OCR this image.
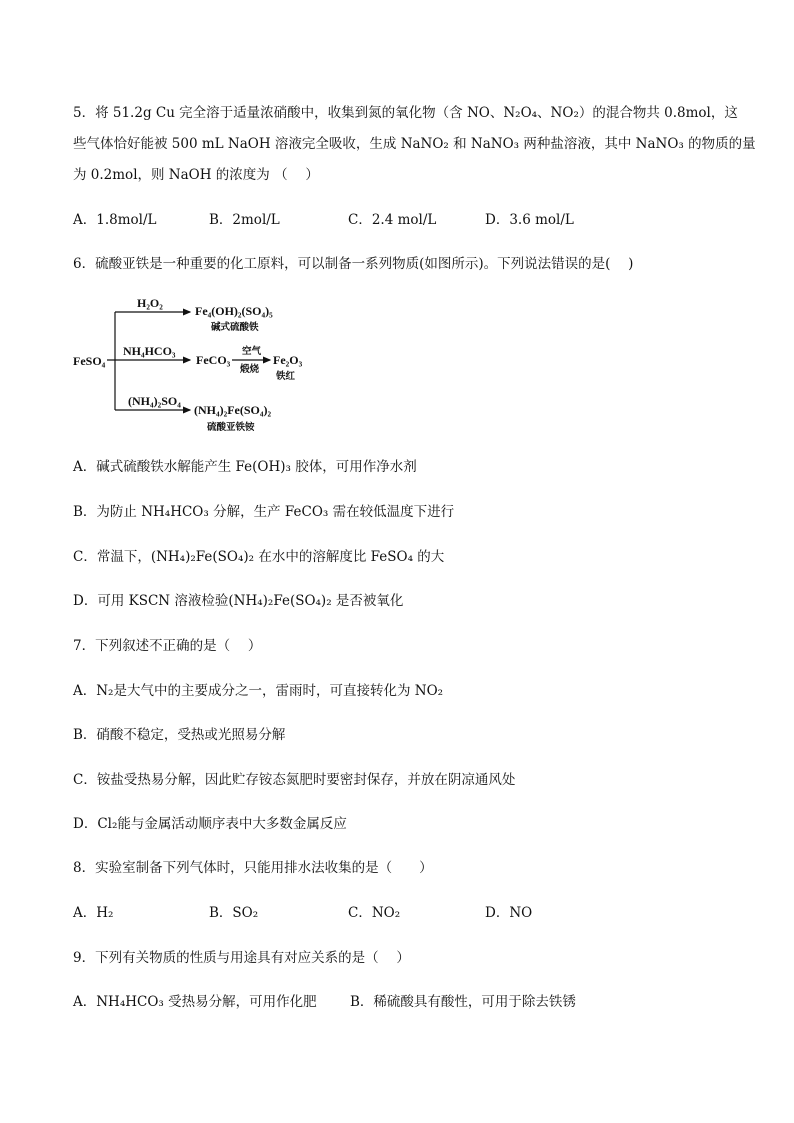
5．将 51.2g Cu 完全溶于适量浓硝酸中，收集到氮的氧化物（含 NO、N₂O₄、NO₂）的混合物共 0.8mol，这
些气体恰好能被 500 mL NaOH 溶液完全吸收，生成 NaNO₂ 和 NaNO₃ 两种盐溶液，其中 NaNO₃ 的物质的量
为 0.2mol，则 NaOH 的浓度为 （　 ）
A．1.8mol/L	B．2mol/L	C．2.4 mol/L	D．3.6 mol/L
6．硫酸亚铁是一种重要的化工原料，可以制备一系列物质(如图所示)。下列说法错误的是(　 )
FeSO₄
H₂O₂
Fe₄(OH)₂(SO₄)₅
碱式硫酸铁
NH₄HCO₃
FeCO₃
空气
煅烧
Fe₂O₃
铁红
(NH₄)₂SO₄
(NH₄)₂Fe(SO₄)₂
硫酸亚铁铵
A．碱式硫酸铁水解能产生 Fe(OH)₃ 胶体，可用作净水剂
B．为防止 NH₄HCO₃ 分解，生产 FeCO₃ 需在较低温度下进行
C．常温下，(NH₄)₂Fe(SO₄)₂ 在水中的溶解度比 FeSO₄ 的大
D．可用 KSCN 溶液检验(NH₄)₂Fe(SO₄)₂ 是否被氧化
7．下列叙述不正确的是（　 ）
A．N₂是大气中的主要成分之一，雷雨时，可直接转化为 NO₂
B．硝酸不稳定，受热或光照易分解
C．铵盐受热易分解，因此贮存铵态氮肥时要密封保存，并放在阴凉通风处
D．Cl₂能与金属活动顺序表中大多数金属反应
8．实验室制备下列气体时，只能用排水法收集的是（　　）
A．H₂	B．SO₂	C．NO₂	D．NO
9．下列有关物质的性质与用途具有对应关系的是（　 ）
A．NH₄HCO₃ 受热易分解，可用作化肥 B．稀硫酸具有酸性，可用于除去铁锈
